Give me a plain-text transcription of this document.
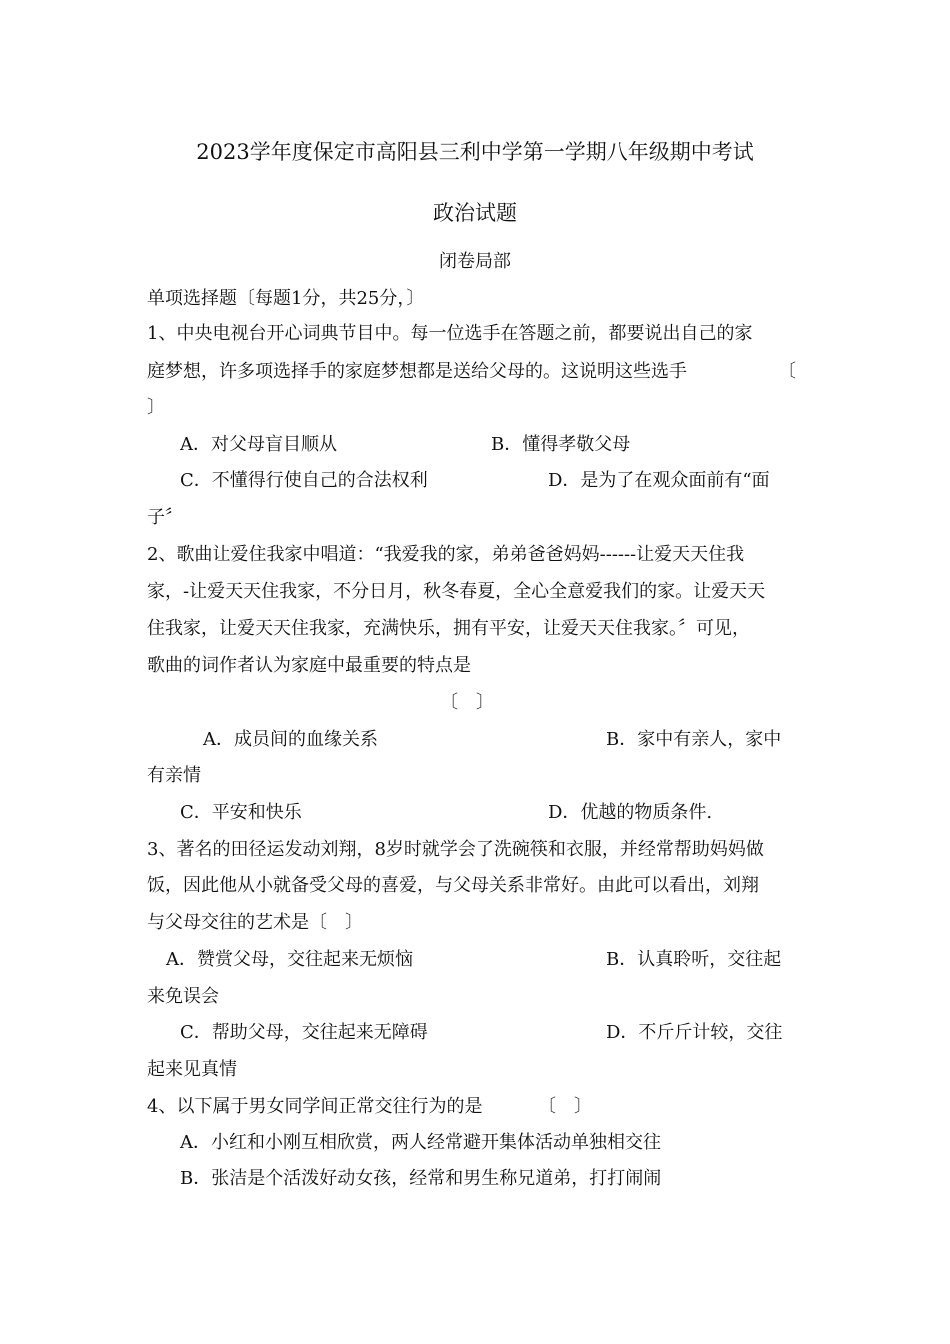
2023学年度保定市高阳县三利中学第一学期八年级期中考试
政治试题
闭卷局部
单项选择题〔每题1分，共25分，〕
1、中央电视台开心词典节目中。每一位选手在答题之前，都要说出自己的家
庭梦想，许多项选择手的家庭梦想都是送给父母的。这说明这些选手	〔
〕
A．对父母盲目顺从	B．懂得孝敬父母
C．不懂得行使自己的合法权利	D．是为了在观众面前有“面
子〞
2、歌曲让爱住我家中唱道：“我爱我的家，弟弟爸爸妈妈------让爱天天住我
家，-让爱天天住我家，不分日月，秋冬春夏，全心全意爱我们的家。让爱天天
住我家，让爱天天住我家，充满快乐，拥有平安，让爱天天住我家。〞可见，
歌曲的词作者认为家庭中最重要的特点是
〔　〕
A．成员间的血缘关系	B．家中有亲人，家中
有亲情
C．平安和快乐	D．优越的物质条件.
3、著名的田径运发动刘翔，8岁时就学会了洗碗筷和衣服，并经常帮助妈妈做
饭，因此他从小就备受父母的喜爱，与父母关系非常好。由此可以看出，刘翔
与父母交往的艺术是〔　〕
A．赞赏父母，交往起来无烦恼	B．认真聆听，交往起
来免误会
C．帮助父母，交往起来无障碍	D．不斤斤计较，交往
起来见真情
4、以下属于男女同学间正常交往行为的是	〔　〕
A．小红和小刚互相欣赏，两人经常避开集体活动单独相交往
B．张洁是个活泼好动女孩，经常和男生称兄道弟，打打闹闹
